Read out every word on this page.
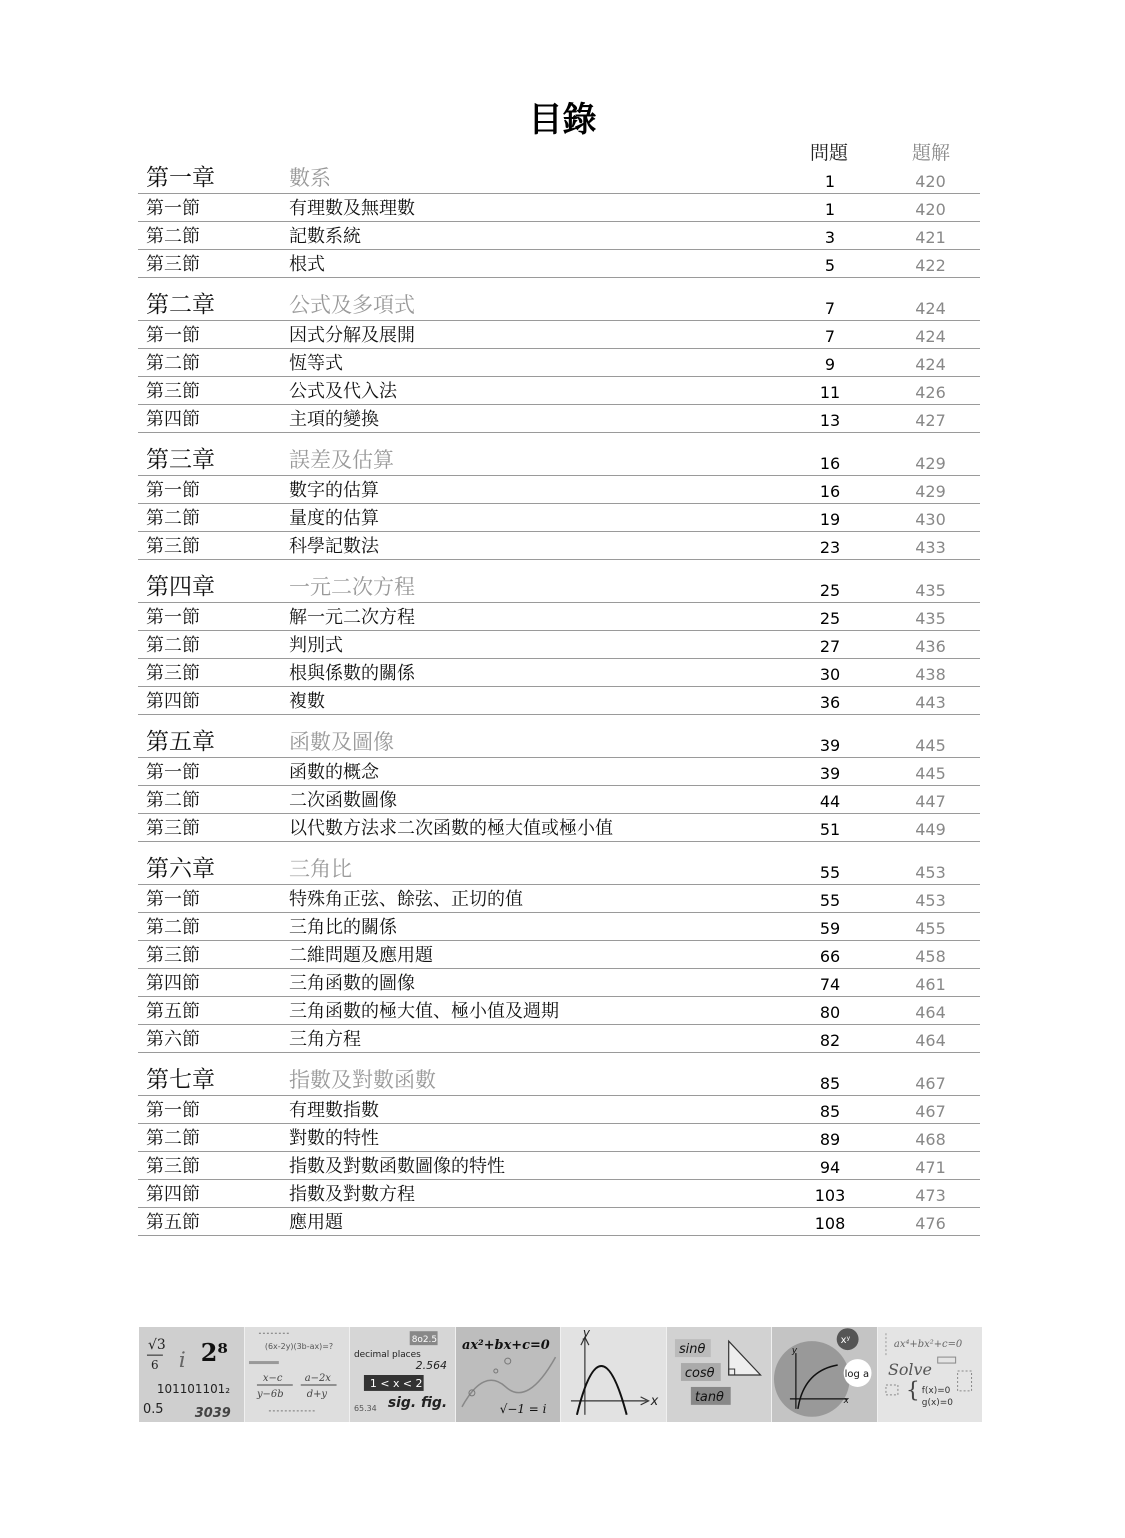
目錄
問題	題解
第一章	數系	1	420
第一節	有理數及無理數	1	420
第二節	記數系統	3	421
第三節	根式	5	422
第二章	公式及多項式	7	424
第一節	因式分解及展開	7	424
第二節	恆等式	9	424
第三節	公式及代入法	11	426
第四節	主項的變換	13	427
第三章	誤差及估算	16	429
第一節	數字的估算	16	429
第二節	量度的估算	19	430
第三節	科學記數法	23	433
第四章	一元二次方程	25	435
第一節	解一元二次方程	25	435
第二節	判別式	27	436
第三節	根與係數的關係	30	438
第四節	複數	36	443
第五章	函數及圖像	39	445
第一節	函數的概念	39	445
第二節	二次函數圖像	44	447
第三節	以代數方法求二次函數的極大值或極小值	51	449
第六章	三角比	55	453
第一節	特殊角正弦、餘弦、正切的值	55	453
第二節	三角比的關係	59	455
第三節	二維問題及應用題	66	458
第四節	三角函數的圖像	74	461
第五節	三角函數的極大值、極小值及週期	80	464
第六節	三角方程	82	464
第七章	指數及對數函數	85	467
第一節	有理數指數	85	467
第二節	對數的特性	89	468
第三節	指數及對數函數圖像的特性	94	471
第四節	指數及對數方程	103	473
第五節	應用題	108	476
√3
6 i 2⁸
101101101₂
0.5 3039
(6x-2y)(3b-ax)=?
x−c
y−6b
a−2x
d+y
8o2.5
decimal places
2.564
1 < x < 2
65.34 sig. fig.
ax²+bx+c=0
√−1 = i
y
x
sinθ
cosθ
tanθ
xʸ
y
log a
x
ax⁴+bx²+c=0
Solve
{ f(x)=0
g(x)=0
